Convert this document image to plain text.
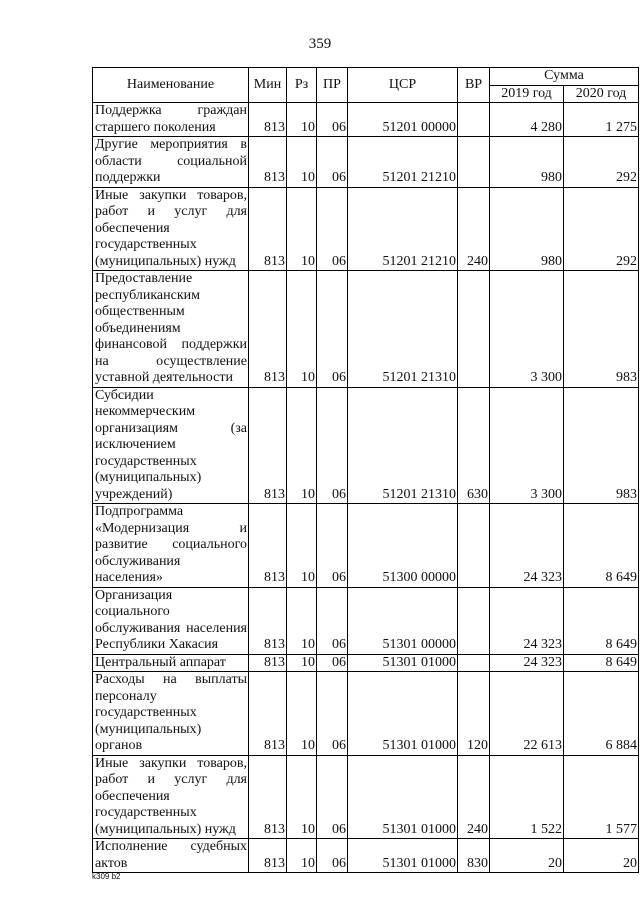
359
Наименование	Мин	Рз	ПР	ЦСР	ВР	Сумма	
						2019 год	2020 год
Поддержка граждан старшего поколения	813	10	06	51201 00000		4 280	1 275
Другие мероприятия в области социальной поддержки	813	10	06	51201 21210		980	292
Иные закупки товаров, работ и услуг для обеспечения государственных (муниципальных) нужд	813	10	06	51201 21210	240	980	292
Предоставление республиканским общественным объединениям финансовой поддержки на осуществление уставной деятельности	813	10	06	51201 21310		3 300	983
Субсидии некоммерческим организациям (за исключением государственных (муниципальных) учреждений)	813	10	06	51201 21310	630	3 300	983
Подпрограмма «Модернизация и развитие социального обслуживания населения»	813	10	06	51300 00000		24 323	8 649
Организация социального обслуживания населения Республики Хакасия	813	10	06	51301 00000		24 323	8 649
Центральный аппарат	813	10	06	51301 01000		24 323	8 649
Расходы на выплаты персоналу государственных (муниципальных) органов	813	10	06	51301 01000	120	22 613	6 884
Иные закупки товаров, работ и услуг для обеспечения государственных (муниципальных) нужд	813	10	06	51301 01000	240	1 522	1 577
Исполнение судебных актов	813	10	06	51301 01000	830	20	20
k309 b2
